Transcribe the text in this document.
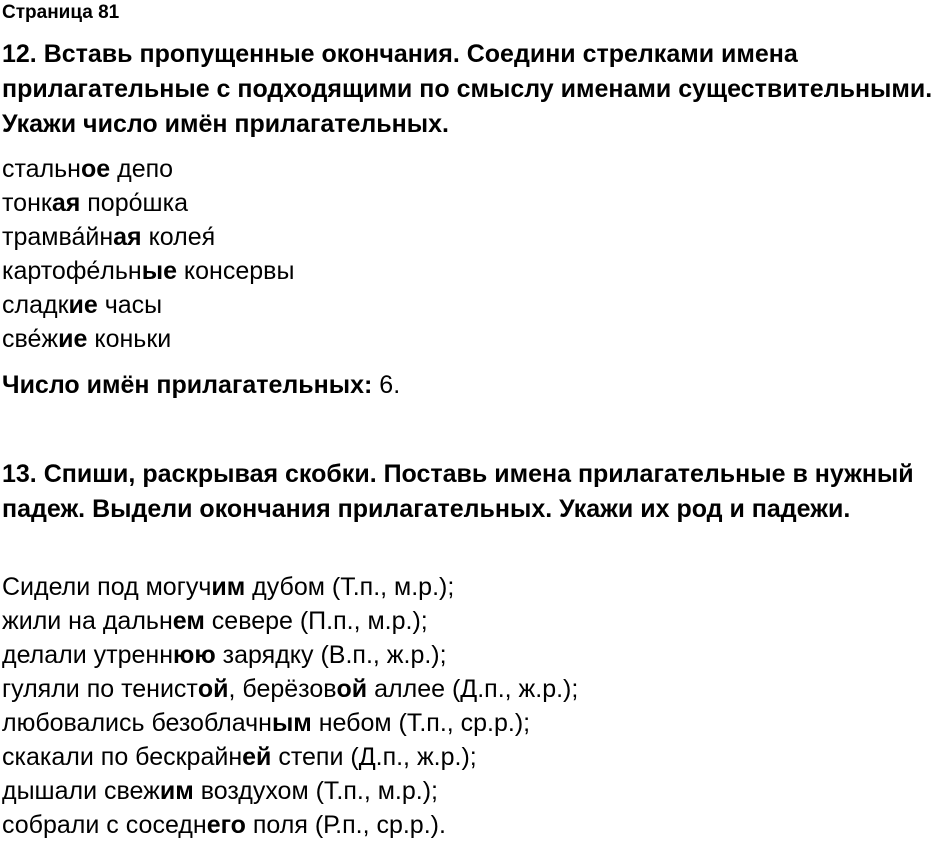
Страница 81
12. Вставь пропущенные окончания. Соедини стрелками имена прилагательные с подходящими по смыслу именами существительными. Укажи число имён прилагательных.
стальное депо
тонкая поро́шка
трамва́йная колея́
картофе́льные консервы
сладкие часы
све́жие коньки
Число имён прилагательных: 6.
13. Спиши, раскрывая скобки. Поставь имена прилагательные в нужный падеж. Выдели окончания прилагательных. Укажи их род и падежи.
Сидели под могучим дубом (Т.п., м.р.);
жили на дальнем севере (П.п., м.р.);
делали утреннюю зарядку (В.п., ж.р.);
гуляли по тенистой, берёзовой аллее (Д.п., ж.р.);
любовались безоблачным небом (Т.п., ср.р.);
скакали по бескрайней степи (Д.п., ж.р.);
дышали свежим воздухом (Т.п., м.р.);
собрали с соседнего поля (Р.п., ср.р.).
